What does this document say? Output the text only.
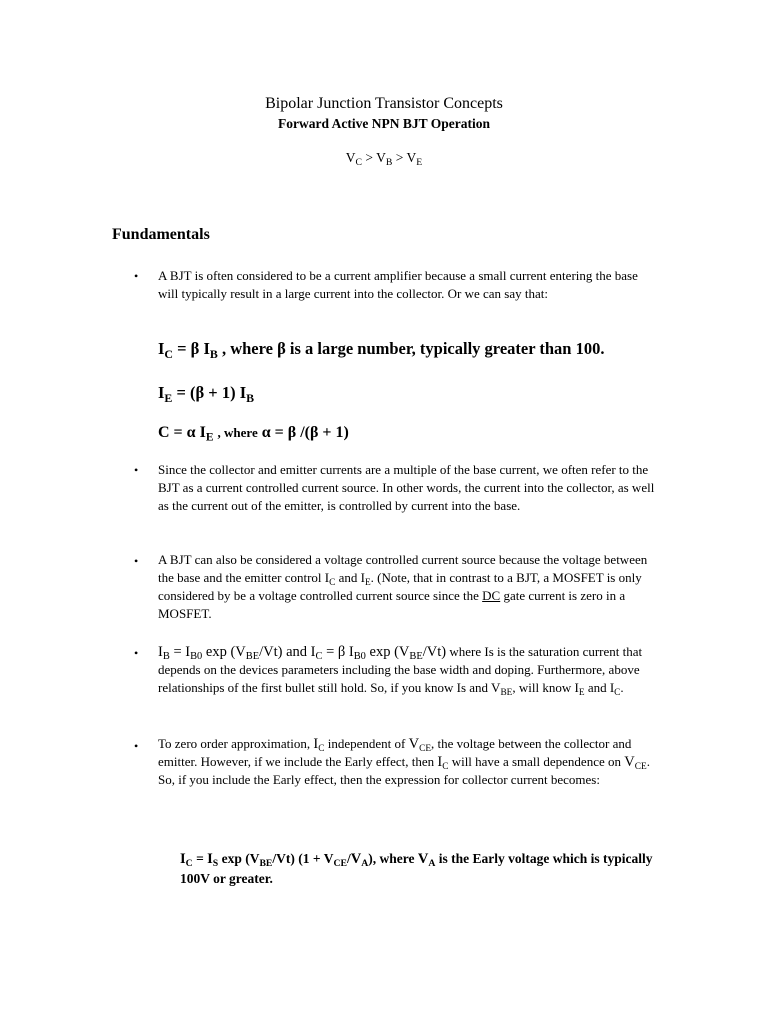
Bipolar Junction Transistor Concepts
Forward Active NPN BJT Operation
$V_C > V_B > V_E$
Fundamentals
• A BJT is often considered to be a current amplifier because a small current entering the base will typically result in a large current into the collector. Or we can say that:
$I_C = \beta$ $I_B$ , where β is a large number, typically greater than 100.
$I_E = (\beta + 1)$ $I_B$
C = α $I_E$ , where α = β /(β + 1)
• Since the collector and emitter currents are a multiple of the base current, we often refer to the BJT as a current controlled current source. In other words, the current into the collector, as well as the current out of the emitter, is controlled by current into the base.
• A BJT can also be considered a voltage controlled current source because the voltage between the base and the emitter control $I_C$ and $I_E$. (Note, that in contrast to a BJT, a MOSFET is only considered by be a voltage controlled current source since the DC gate current is zero in a MOSFET.
• $I_B = I_{B0}$ $\exp (V_{BE}/Vt)$ and $I_C = \beta$ $I_{B0}$ $\exp (V_{BE}/Vt)$ where Is is the saturation current that depends on the devices parameters including the base width and doping. Furthermore, above relationships of the first bullet still hold. So, if you know Is and $V_{BE}$, will know $I_E$ and $I_C$.
• To zero order approximation, $I_C$ independent of $V_{CE}$, the voltage between the collector and emitter. However, if we include the Early effect, then $I_C$ will have a small dependence on $V_{CE}$. So, if you include the Early effect, then the expression for collector current becomes:
$I_C = I_S$ $\exp (V_{BE}/Vt) (1 + V_{CE}/V_A)$, where $V_A$ is the Early voltage which is typically 100V or greater.
